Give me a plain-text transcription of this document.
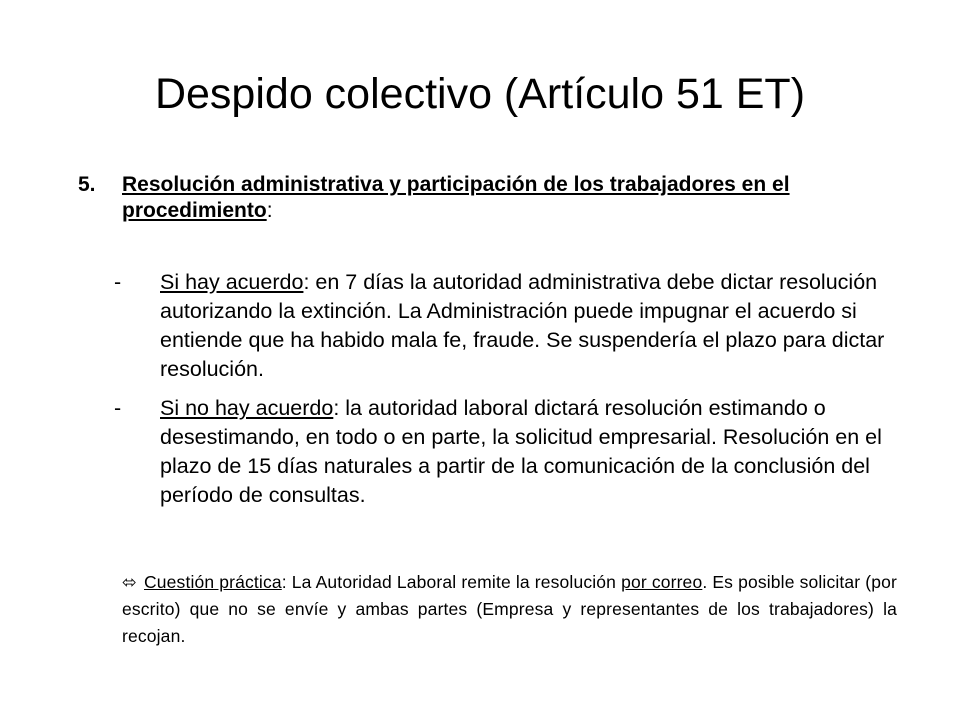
Despido colectivo (Artículo 51 ET)
5.	Resolución administrativa y participación de los trabajadores en el procedimiento:
-	Si hay acuerdo: en 7 días la autoridad administrativa debe dictar resolución autorizando la extinción. La Administración puede impugnar el acuerdo si entiende que ha habido mala fe, fraude. Se suspendería el plazo para dictar resolución.
-	Si no hay acuerdo: la autoridad laboral dictará resolución estimando o desestimando, en todo o en parte, la solicitud empresarial. Resolución en el plazo de 15 días naturales a partir de la comunicación de la conclusión del período de consultas.
⬄ Cuestión práctica: La Autoridad Laboral remite la resolución por correo. Es posible solicitar (por escrito) que no se envíe y ambas partes (Empresa y representantes de los trabajadores) la recojan.
